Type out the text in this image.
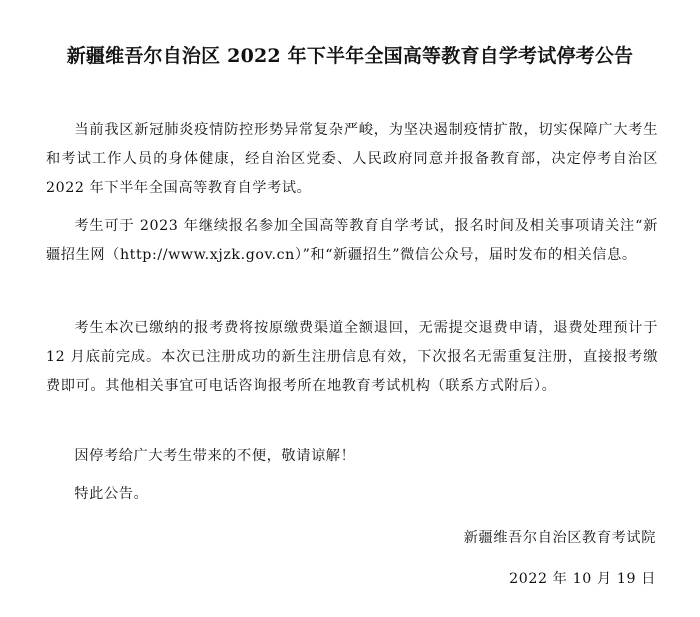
新疆维吾尔自治区 2022 年下半年全国高等教育自学考试停考公告

当前我区新冠肺炎疫情防控形势异常复杂严峻，为坚决遏制疫情扩散，切实保障广大考生和考试工作人员的身体健康，经自治区党委、人民政府同意并报备教育部，决定停考自治区 2022 年下半年全国高等教育自学考试。

考生可于 2023 年继续报名参加全国高等教育自学考试，报名时间及相关事项请关注“新疆招生网（http://www.xjzk.gov.cn）”和“新疆招生”微信公众号，届时发布的相关信息。

考生本次已缴纳的报考费将按原缴费渠道全额退回，无需提交退费申请，退费处理预计于 12 月底前完成。本次已注册成功的新生注册信息有效，下次报名无需重复注册，直接报考缴费即可。其他相关事宜可电话咨询报考所在地教育考试机构（联系方式附后）。

因停考给广大考生带来的不便，敬请谅解！

特此公告。

新疆维吾尔自治区教育考试院
2022 年 10 月 19 日
